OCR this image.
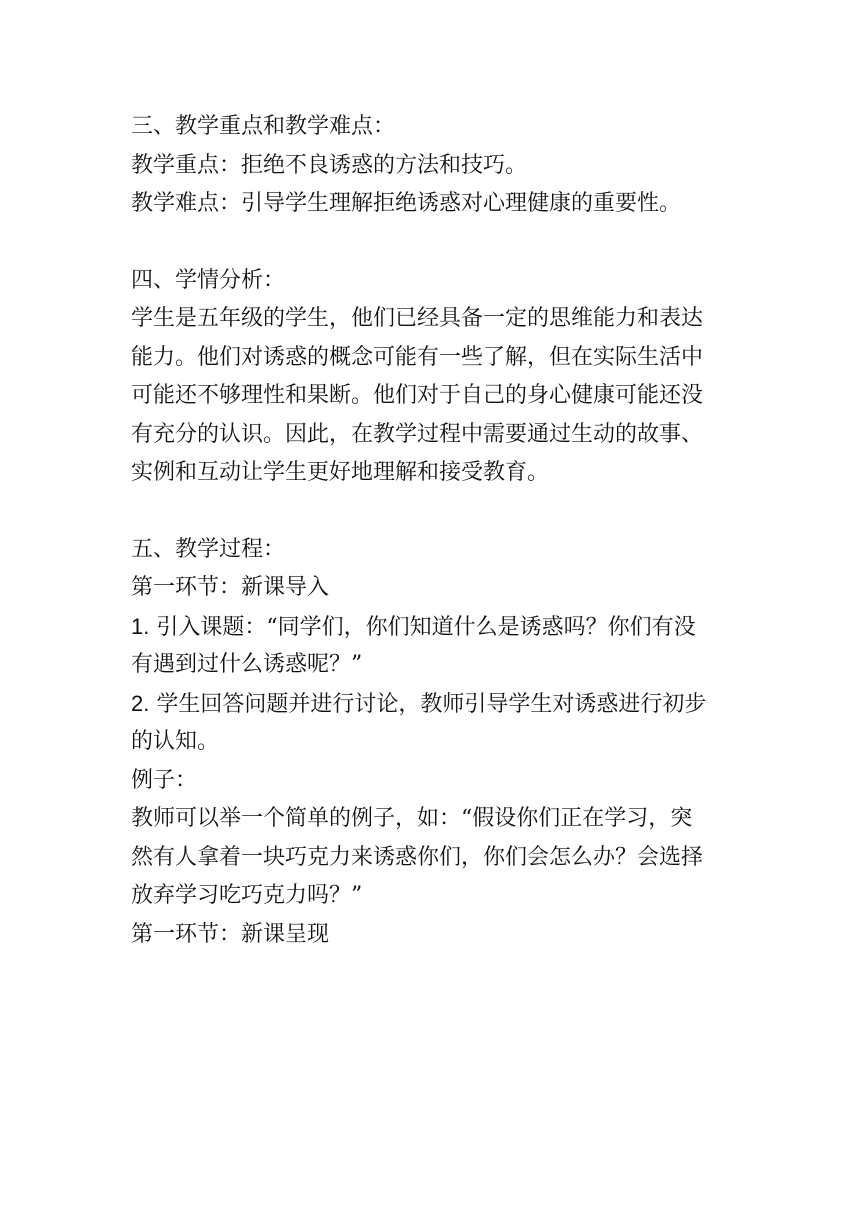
三、教学重点和教学难点：
教学重点：拒绝不良诱惑的方法和技巧。
教学难点：引导学生理解拒绝诱惑对心理健康的重要性。
四、学情分析：
学生是五年级的学生，他们已经具备一定的思维能力和表达
能力。他们对诱惑的概念可能有一些了解，但在实际生活中
可能还不够理性和果断。他们对于自己的身心健康可能还没
有充分的认识。因此，在教学过程中需要通过生动的故事、
实例和互动让学生更好地理解和接受教育。
五、教学过程：
第一环节：新课导入
1. 引入课题：“同学们，你们知道什么是诱惑吗？你们有没
有遇到过什么诱惑呢？”
2. 学生回答问题并进行讨论，教师引导学生对诱惑进行初步
的认知。
例子：
教师可以举一个简单的例子，如：“假设你们正在学习，突
然有人拿着一块巧克力来诱惑你们，你们会怎么办？会选择
放弃学习吃巧克力吗？”
第一环节：新课呈现
